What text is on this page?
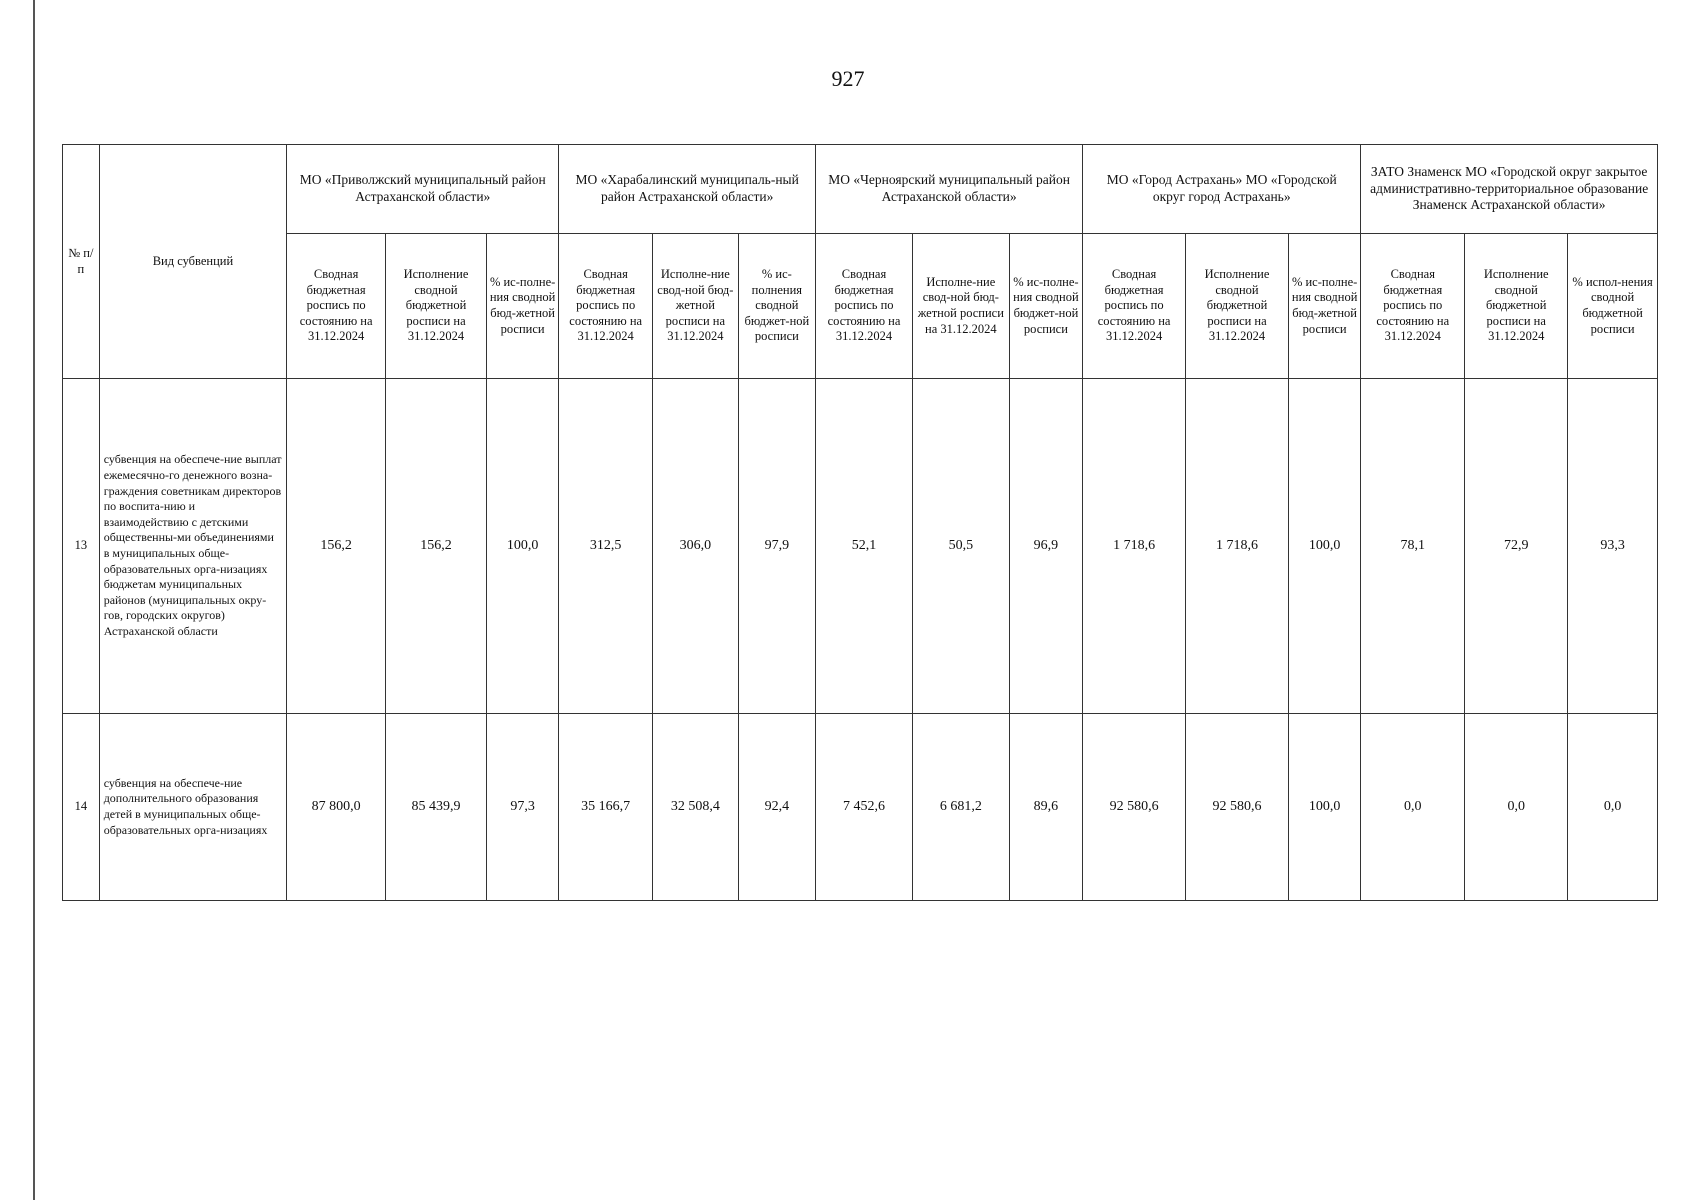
927
№ п/п	Вид субвенций	МО «Приволжский муниципальный район Астраханской области»			МО «Харабалинский муниципаль-ный район Астраханской области»			МО «Черноярский муниципальный район Астраханской области»			МО «Город Астрахань» МО «Городской округ город Астрахань»			ЗАТО Знаменск МО «Городской округ закрытое административно-территориальное образование Знаменск Астраханской области»		
		Сводная бюджетная роспись по состоянию на 31.12.2024	Исполнение сводной бюджетной росписи на 31.12.2024	% ис-полне-ния сводной бюд-жетной росписи	Сводная бюджетная роспись по состоянию на 31.12.2024	Исполне-ние свод-ной бюд-жетной росписи на 31.12.2024	% ис-полнения сводной бюджет-ной росписи	Сводная бюджетная роспись по состоянию на 31.12.2024	Исполне-ние свод-ной бюд-жетной росписи на 31.12.2024	% ис-полне-ния сводной бюджет-ной росписи	Сводная бюджетная роспись по состоянию на 31.12.2024	Исполнение сводной бюджетной росписи на 31.12.2024	% ис-полне-ния сводной бюд-жетной росписи	Сводная бюджетная роспись по состоянию на 31.12.2024	Исполнение сводной бюджетной росписи на 31.12.2024	% испол-нения сводной бюджетной росписи
13	субвенция на обеспече-ние выплат ежемесячно-го денежного возна-граждения советникам директоров по воспита-нию и взаимодействию с детскими общественны-ми объединениями в муниципальных обще-образовательных орга-низациях бюджетам муниципальных районов (муниципальных окру-гов, городских округов) Астраханской области	156,2	156,2	100,0	312,5	306,0	97,9	52,1	50,5	96,9	1 718,6	1 718,6	100,0	78,1	72,9	93,3
14	субвенция на обеспече-ние дополнительного образования детей в муниципальных обще-образовательных орга-низациях	87 800,0	85 439,9	97,3	35 166,7	32 508,4	92,4	7 452,6	6 681,2	89,6	92 580,6	92 580,6	100,0	0,0	0,0	0,0
